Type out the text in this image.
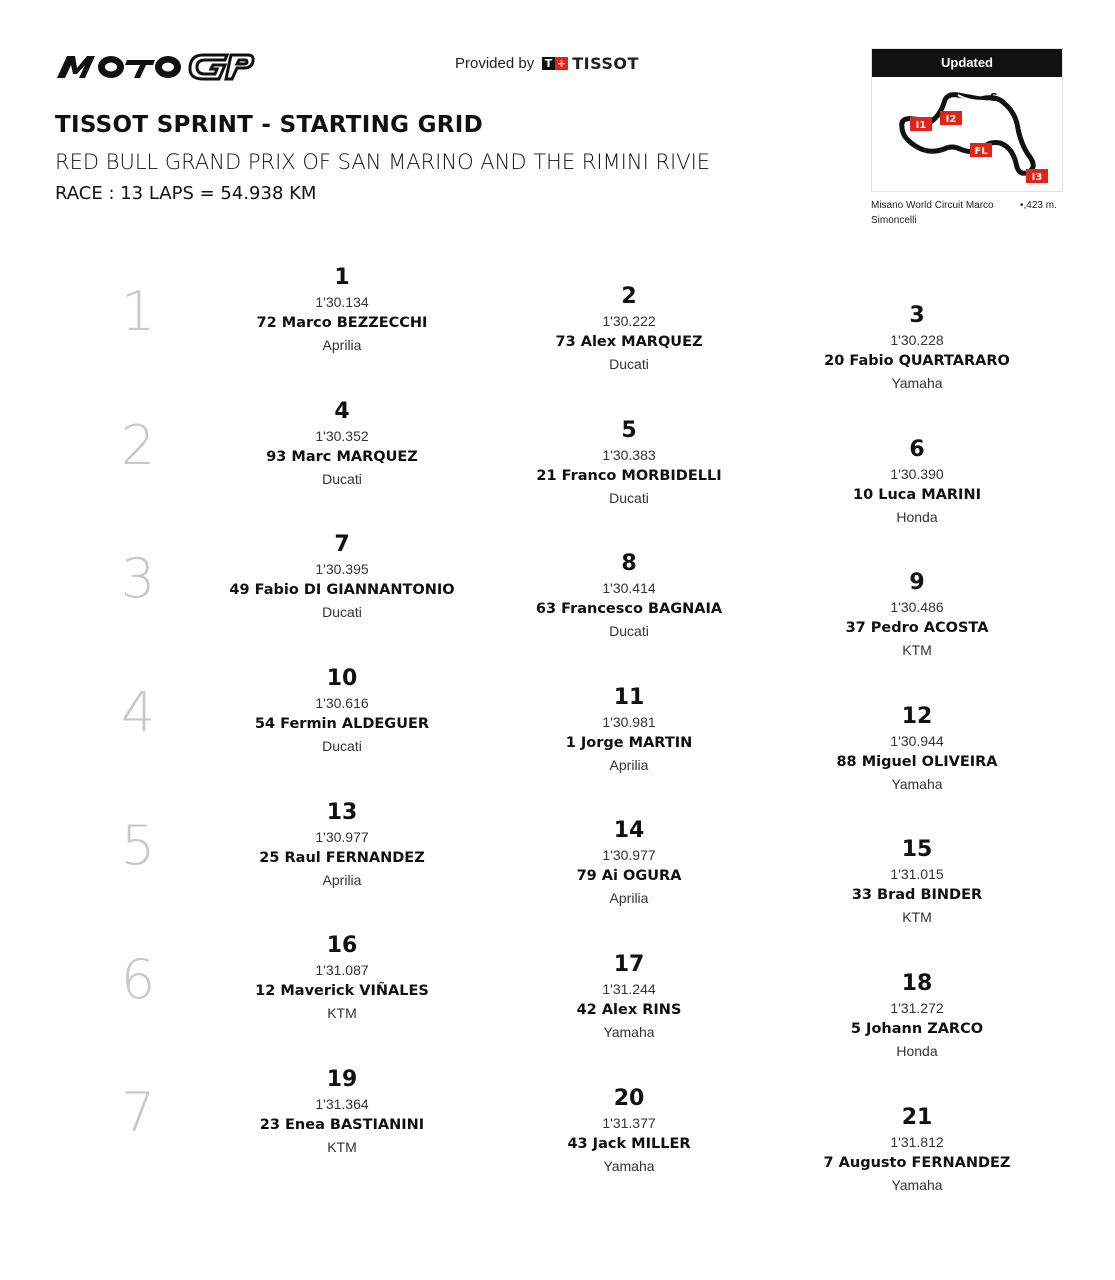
Provided by T + TISSOT
TISSOT SPRINT - STARTING GRID
RED BULL GRAND PRIX OF SAN MARINO AND THE RIMINI RIVIE
RACE : 13 LAPS = 54.938 KM
Updated
I1
I2
S
FL
I3
Misano World Circuit Marco Simoncelli
•,423 m.
1
2
3
4
5
6
7
1
1'30.134
72 Marco BEZZECCHI
Aprilia
2
1'30.222
73 Alex MARQUEZ
Ducati
3
1'30.228
20 Fabio QUARTARARO
Yamaha
4
1'30.352
93 Marc MARQUEZ
Ducati
5
1'30.383
21 Franco MORBIDELLI
Ducati
6
1'30.390
10 Luca MARINI
Honda
7
1'30.395
49 Fabio DI GIANNANTONIO
Ducati
8
1'30.414
63 Francesco BAGNAIA
Ducati
9
1'30.486
37 Pedro ACOSTA
KTM
10
1'30.616
54 Fermin ALDEGUER
Ducati
11
1'30.981
1 Jorge MARTIN
Aprilia
12
1'30.944
88 Miguel OLIVEIRA
Yamaha
13
1'30.977
25 Raul FERNANDEZ
Aprilia
14
1'30.977
79 Ai OGURA
Aprilia
15
1'31.015
33 Brad BINDER
KTM
16
1'31.087
12 Maverick VIÑALES
KTM
17
1'31.244
42 Alex RINS
Yamaha
18
1'31.272
5 Johann ZARCO
Honda
19
1'31.364
23 Enea BASTIANINI
KTM
20
1'31.377
43 Jack MILLER
Yamaha
21
1'31.812
7 Augusto FERNANDEZ
Yamaha
